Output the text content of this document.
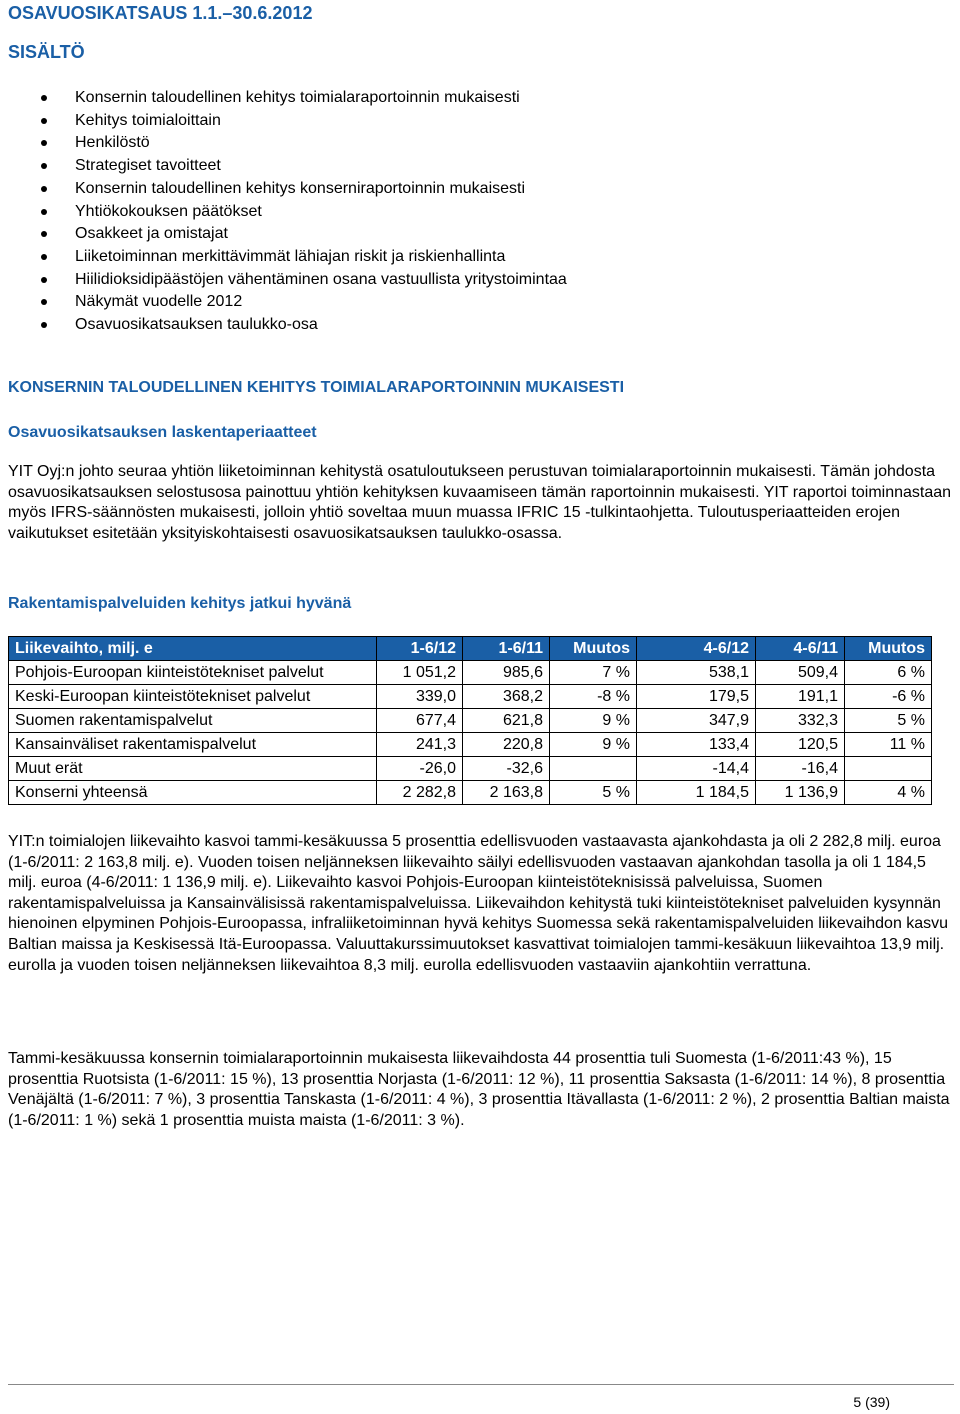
OSAVUOSIKATSAUS 1.1.–30.6.2012
SISÄLTÖ
Konsernin taloudellinen kehitys toimialaraportoinnin mukaisesti
Kehitys toimialoittain
Henkilöstö
Strategiset tavoitteet
Konsernin taloudellinen kehitys konserniraportoinnin mukaisesti
Yhtiökokouksen päätökset
Osakkeet ja omistajat
Liiketoiminnan merkittävimmät lähiajan riskit ja riskienhallinta
Hiilidioksidipäästöjen vähentäminen osana vastuullista yritystoimintaa
Näkymät vuodelle 2012
Osavuosikatsauksen taulukko-osa
KONSERNIN TALOUDELLINEN KEHITYS TOIMIALARAPORTOINNIN MUKAISESTI
Osavuosikatsauksen laskentaperiaatteet

YIT Oyj:n johto seuraa yhtiön liiketoiminnan kehitystä osatuloutukseen perustuvan toimialaraportoinnin mukaisesti. Tämän johdosta osavuosikatsauksen selostusosa painottuu yhtiön kehityksen kuvaamiseen tämän raportoinnin mukaisesti. YIT raportoi toiminnastaan myös IFRS-säännösten mukaisesti, jolloin yhtiö soveltaa muun muassa IFRIC 15 -tulkintaohjetta. Tuloutusperiaatteiden erojen vaikutukset esitetään yksityiskohtaisesti osavuosikatsauksen taulukko-osassa.

Rakentamispalveluiden kehitys jatkui hyvänä
Liikevaihto, milj. e	1-6/12	1-6/11	Muutos	4-6/12	4-6/11	Muutos
Pohjois-Euroopan kiinteistötekniset palvelut	1 051,2	985,6	7 %	538,1	509,4	6 %
Keski-Euroopan kiinteistötekniset palvelut	339,0	368,2	-8 %	179,5	191,1	-6 %
Suomen rakentamispalvelut	677,4	621,8	9 %	347,9	332,3	5 %
Kansainväliset rakentamispalvelut	241,3	220,8	9 %	133,4	120,5	11 %
Muut erät	-26,0	-32,6		-14,4	-16,4	
Konserni yhteensä	2 282,8	2 163,8	5 %	1 184,5	1 136,9	4 %

YIT:n toimialojen liikevaihto kasvoi tammi-kesäkuussa 5 prosenttia edellisvuoden vastaavasta ajankohdasta ja oli 2 282,8 milj. euroa (1-6/2011: 2 163,8 milj. e). Vuoden toisen neljänneksen liikevaihto säilyi edellisvuoden vastaavan ajankohdan tasolla ja oli 1 184,5 milj. euroa (4-6/2011: 1 136,9 milj. e). Liikevaihto kasvoi Pohjois-Euroopan kiinteistöteknisissä palveluissa, Suomen rakentamispalveluissa ja Kansainvälisissä rakentamispalveluissa. Liikevaihdon kehitystä tuki kiinteistötekniset palveluiden kysynnän hienoinen elpyminen Pohjois-Euroopassa, infraliiketoiminnan hyvä kehitys Suomessa sekä rakentamispalveluiden liikevaihdon kasvu Baltian maissa ja Keskisessä Itä-Euroopassa. Valuuttakurssimuutokset kasvattivat toimialojen tammi-kesäkuun liikevaihtoa 13,9 milj. eurolla ja vuoden toisen neljänneksen liikevaihtoa 8,3 milj. eurolla edellisvuoden vastaaviin ajankohtiin verrattuna.

Tammi-kesäkuussa konsernin toimialaraportoinnin mukaisesta liikevaihdosta 44 prosenttia tuli Suomesta (1-6/2011:43 %), 15 prosenttia Ruotsista (1-6/2011: 15 %), 13 prosenttia Norjasta (1-6/2011: 12 %), 11 prosenttia Saksasta (1-6/2011: 14 %), 8 prosenttia Venäjältä (1-6/2011: 7 %), 3 prosenttia Tanskasta (1-6/2011: 4 %), 3 prosenttia Itävallasta (1-6/2011: 2 %), 2 prosenttia Baltian maista (1-6/2011: 1 %) sekä 1 prosenttia muista maista (1-6/2011: 3 %).

5 (39)
